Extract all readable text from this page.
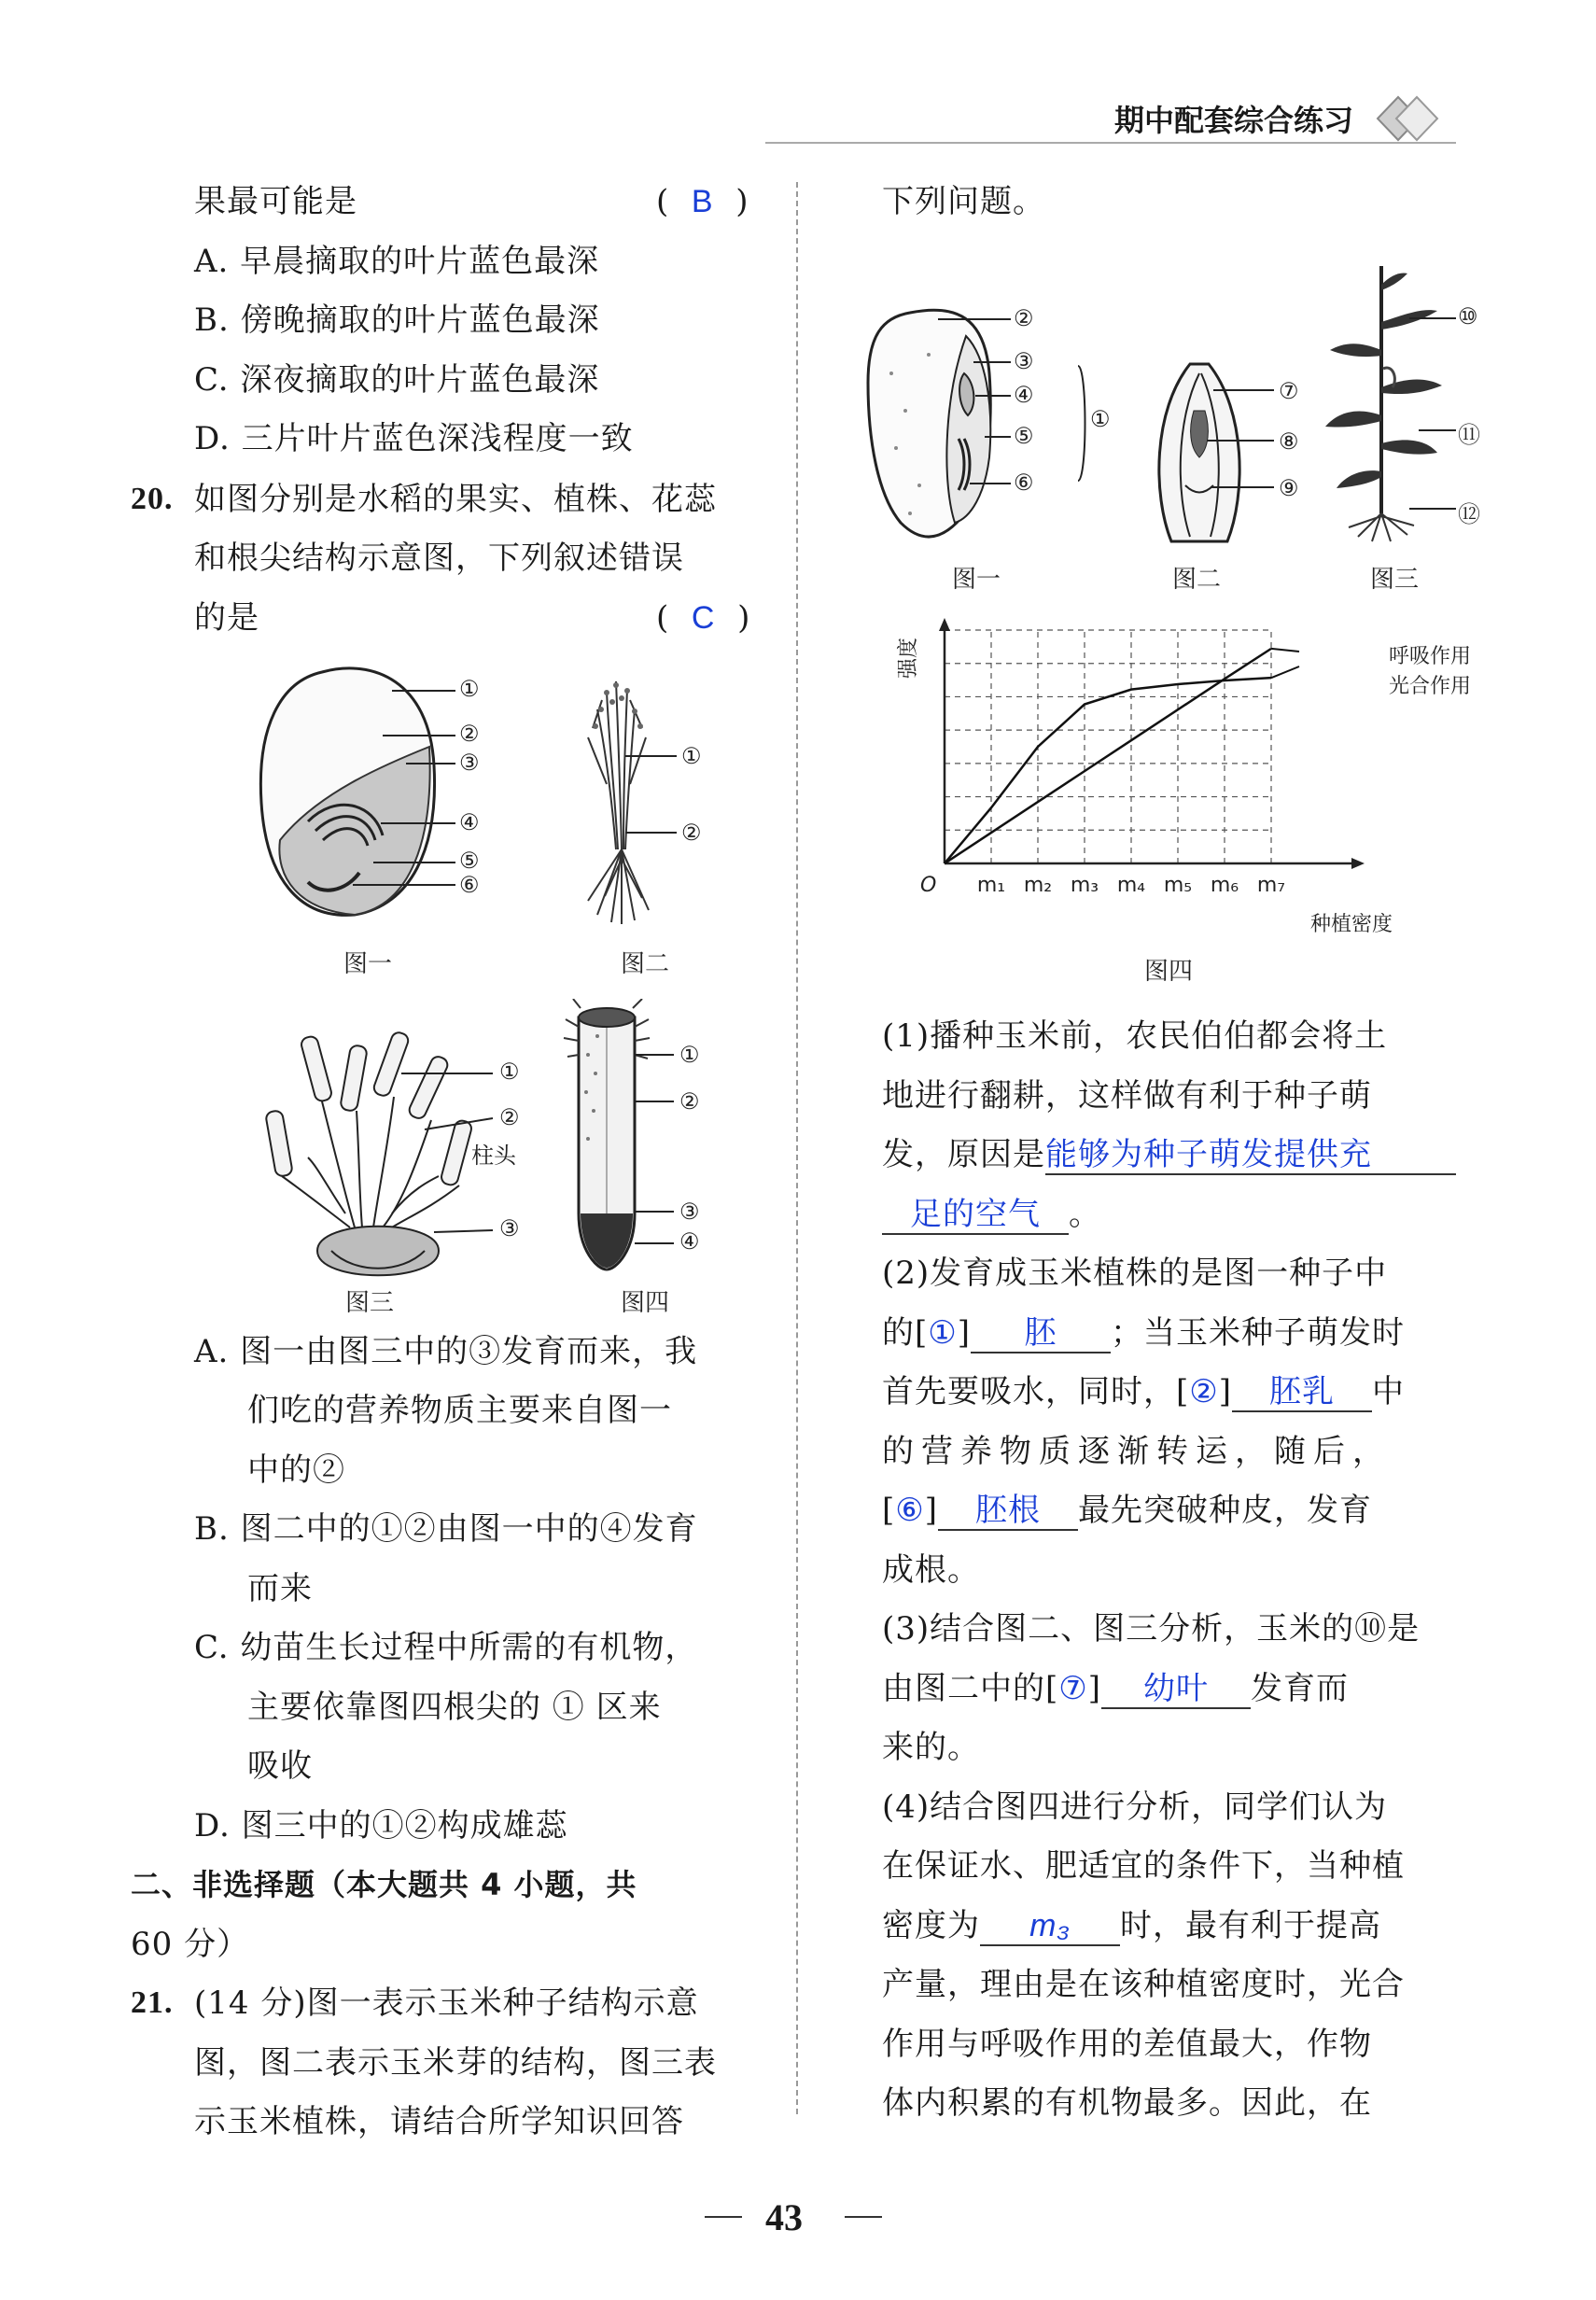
期中配套综合练习
果最可能是	(  B  )
A. 早晨摘取的叶片蓝色最深
B. 傍晚摘取的叶片蓝色最深
C. 深夜摘取的叶片蓝色最深
D. 三片叶片蓝色深浅程度一致
20. 如图分别是水稻的果实、植株、花蕊
和根尖结构示意图，下列叙述错误
的是	(  C  )
①
②
③
④
⑤
⑥
图一
①
②
图二
①
②
柱头
③
图三
①
②
③
④
图四
A. 图一由图三中的③发育而来，我
们吃的营养物质主要来自图一
中的②
B. 图二中的①②由图一中的④发育
而来
C. 幼苗生长过程中所需的有机物，
主要依靠图四根尖的 ① 区来
吸收
D. 图三中的①②构成雄蕊
二、非选择题（本大题共 4 小题，共
60 分）
21. (14 分)图一表示玉米种子结构示意
图，图二表示玉米芽的结构，图三表
示玉米植株，请结合所学知识回答
下列问题。
②
③
④
⑤
⑥
①
图一
⑦
⑧
⑨
图二
⑩
⑪
⑫
图三
O m₁ m₂ m₃ m₄ m₅ m₆ m₇
种植密度
强度	呼吸作用
光合作用
图四
(1)播种玉米前，农民伯伯都会将土
地进行翻耕，这样做有利于种子萌
发，原因是能够为种子萌发提供充
足的空气 。
(2)发育成玉米植株的是图一种子中
的[①] 胚 ；当玉米种子萌发时
首先要吸水，同时，[②] 胚乳 中
的营养物质逐渐转运，随后，
[⑥] 胚根 最先突破种皮，发育
成根。
(3)结合图二、图三分析，玉米的⑩是
由图二中的[⑦] 幼叶 发育而
来的。
(4)结合图四进行分析，同学们认为
在保证水、肥适宜的条件下，当种植
密度为 m₃ 时，最有利于提高
产量，理由是在该种植密度时，光合
作用与呼吸作用的差值最大，作物
体内积累的有机物最多。因此，在
43
